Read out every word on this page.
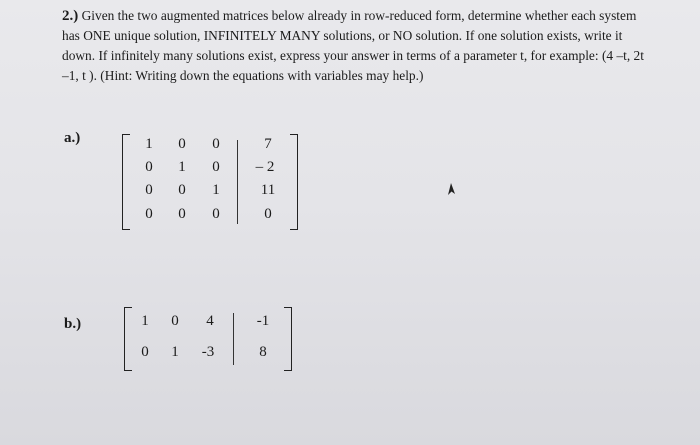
2.) Given the two augmented matrices below already in row-reduced form, determine whether each system
has ONE unique solution, INFINITELY MANY solutions, or NO solution. If one solution exists, write it
down. If infinitely many solutions exist, express your answer in terms of a parameter t, for example: (4 –t, 2t
–1, t ). (Hint: Writing down the equations with variables may help.)
a.)	1	0	0	7
0	1	0	– 2
0	0	1	11
0	0	0	0
b.)	1	0	4	-1
0	1	-3	8
